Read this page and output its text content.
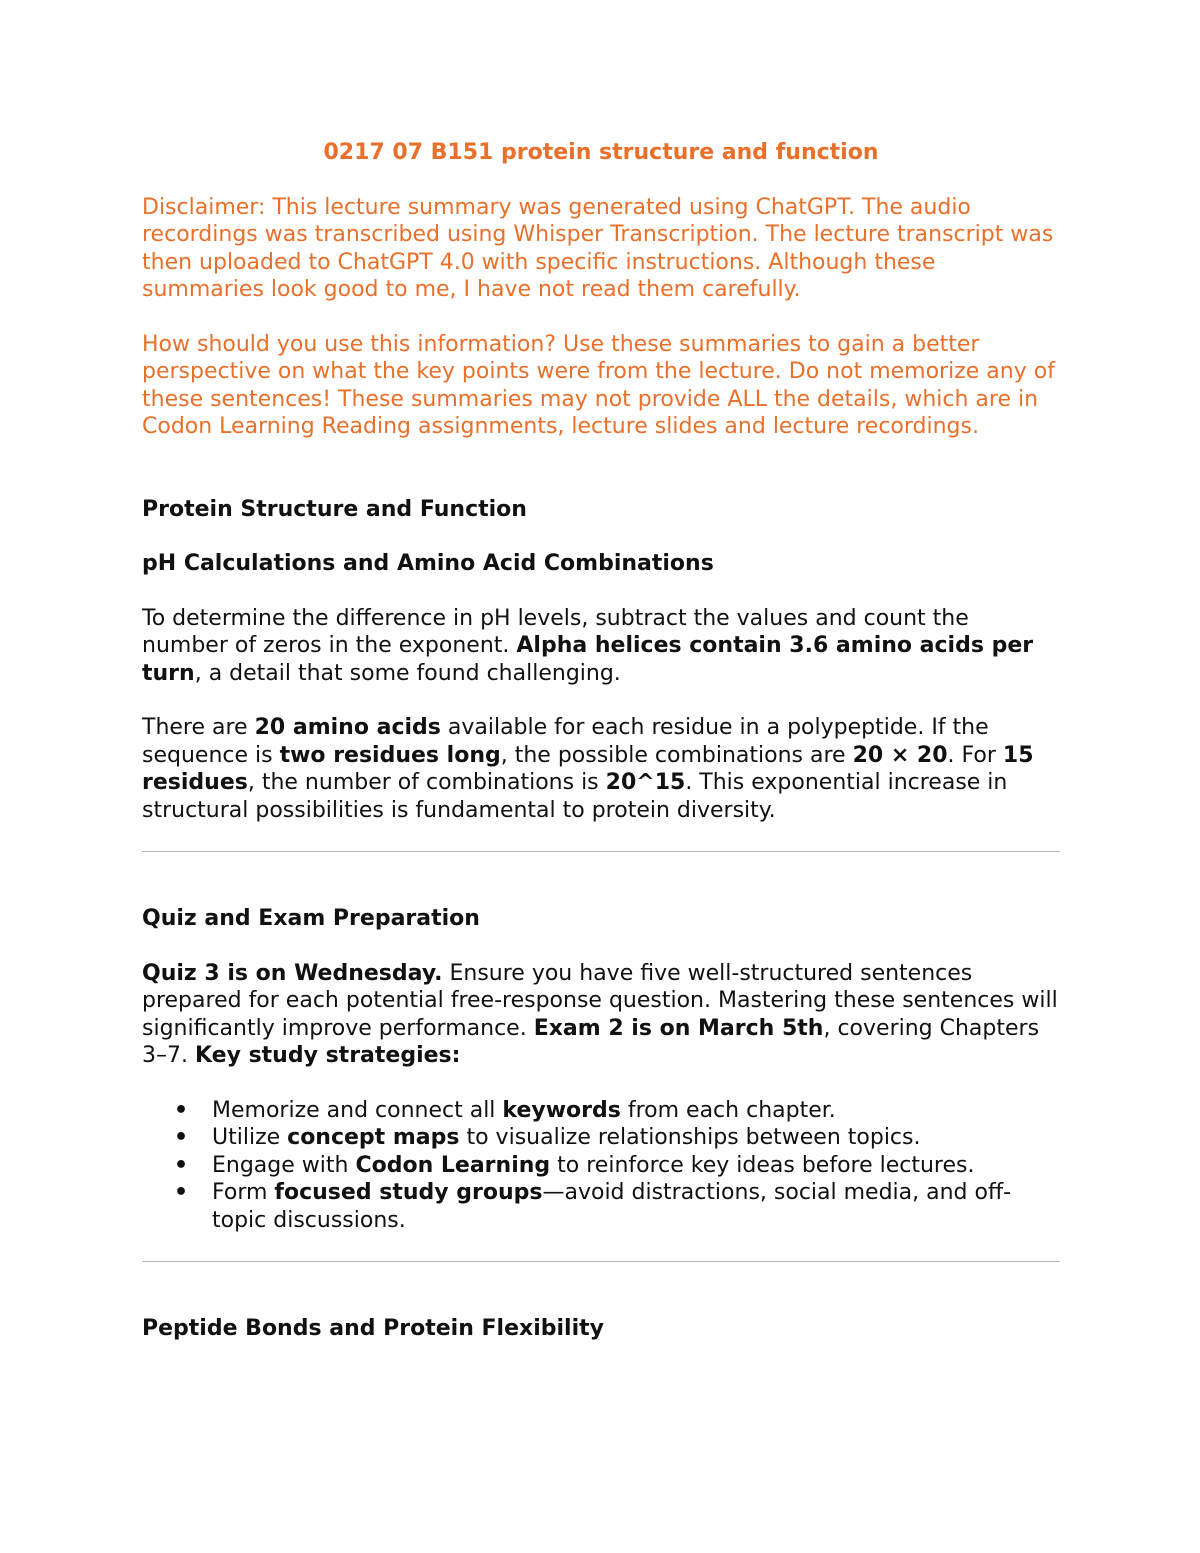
0217 07 B151 protein structure and function
Disclaimer: This lecture summary was generated using ChatGPT. The audio recordings was transcribed using Whisper Transcription. The lecture transcript was then uploaded to ChatGPT 4.0 with specific instructions. Although these summaries look good to me, I have not read them carefully.
How should you use this information? Use these summaries to gain a better perspective on what the key points were from the lecture. Do not memorize any of these sentences! These summaries may not provide ALL the details, which are in Codon Learning Reading assignments, lecture slides and lecture recordings.
Protein Structure and Function
pH Calculations and Amino Acid Combinations

To determine the difference in pH levels, subtract the values and count the number of zeros in the exponent. Alpha helices contain 3.6 amino acids per turn, a detail that some found challenging.

There are 20 amino acids available for each residue in a polypeptide. If the sequence is two residues long, the possible combinations are 20 × 20. For 15 residues, the number of combinations is 20^15. This exponential increase in structural possibilities is fundamental to protein diversity.

Quiz and Exam Preparation

Quiz 3 is on Wednesday. Ensure you have five well-structured sentences prepared for each potential free-response question. Mastering these sentences will significantly improve performance. Exam 2 is on March 5th, covering Chapters 3–7. Key study strategies:

• Memorize and connect all keywords from each chapter.
• Utilize concept maps to visualize relationships between topics.
• Engage with Codon Learning to reinforce key ideas before lectures.
• Form focused study groups—avoid distractions, social media, and off-topic discussions.
Peptide Bonds and Protein Flexibility
